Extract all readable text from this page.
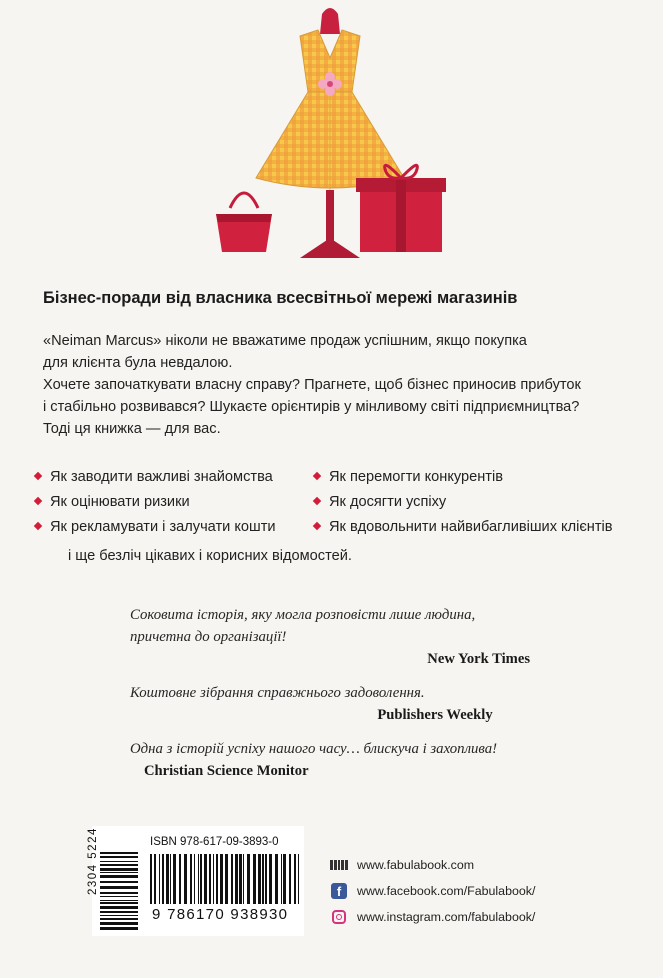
Бізнес-поради від власника всесвітньої мережі магазинів

«Neiman Marcus» ніколи не вважатиме продаж успішним, якщо покупка

для клієнта була невдалою.

Хочете започаткувати власну справу? Прагнете, щоб бізнес приносив прибуток

і стабільно розвивався? Шукаєте орієнтирів у мінливому світі підприємництва?

Тоді ця книжка — для вас.

Як заводити важливі знайомства
Як оцінювати ризики
Як рекламувати і залучати кошти
Як перемогти конкурентів
Як досягти успіху
Як вдовольнити найвибагливіших клієнтів
і ще безліч цікавих і корисних відомостей.
Соковита історія, яку могла розповісти лише людина,
причетна до організації!
New York Times
Коштовне зібрання справжнього задоволення.
Publishers Weekly
Одна з історій успіху нашого часу… блискуча і захоплива!
Christian Science Monitor
ISBN 978-617-09-3893-0
9 786170 938930
2304 5224	www.fabulabook.com
f	www.facebook.com/Fabulabook/
www.instagram.com/fabulabook/
